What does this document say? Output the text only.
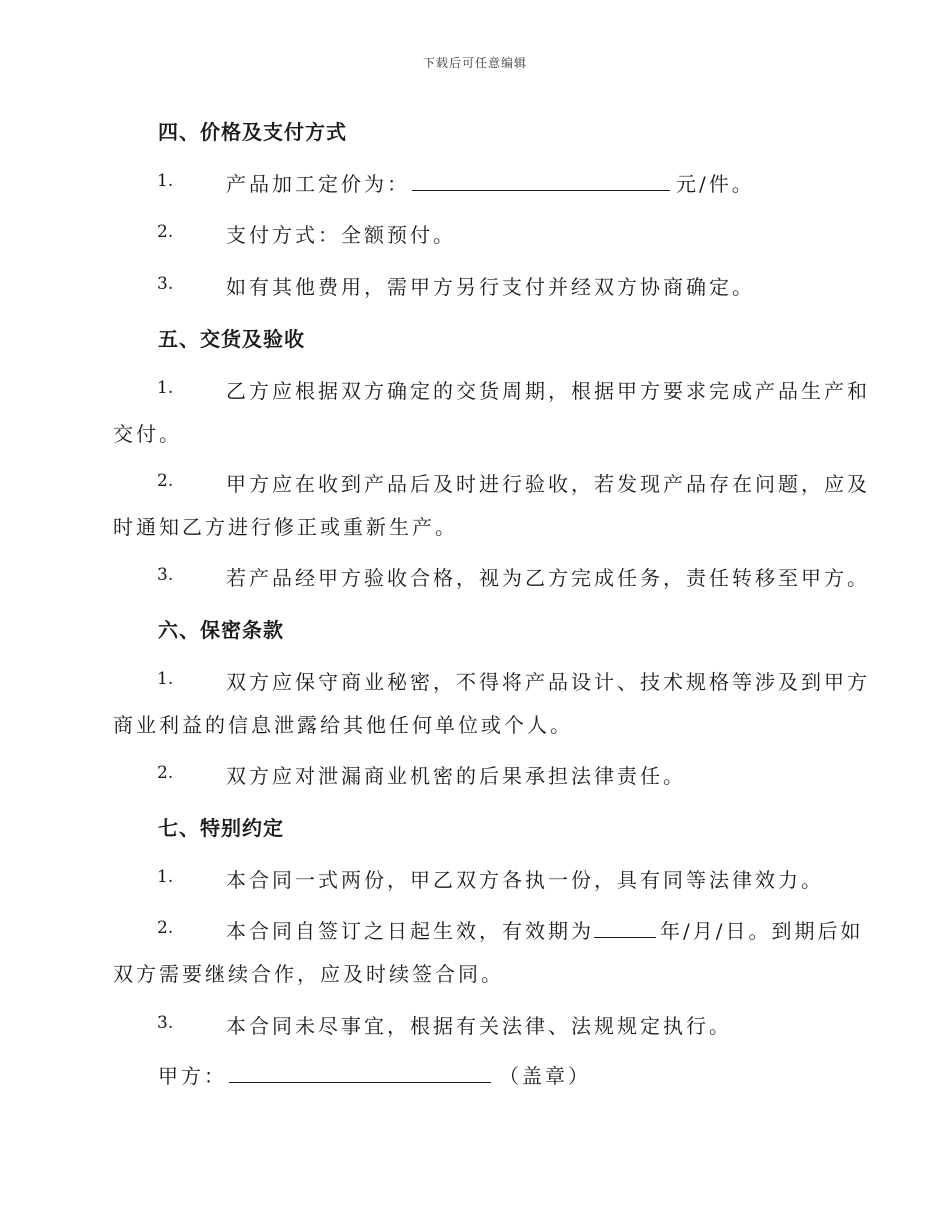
下载后可任意编辑
四、价格及支付方式
1.	产品加工定价为：	元/件。
2.	支付方式：全额预付。
3.	如有其他费用，需甲方另行支付并经双方协商确定。
五、交货及验收
1.	乙方应根据双方确定的交货周期，根据甲方要求完成产品生产和
交付。
2.	甲方应在收到产品后及时进行验收，若发现产品存在问题，应及
时通知乙方进行修正或重新生产。
3.	若产品经甲方验收合格，视为乙方完成任务，责任转移至甲方。
六、保密条款
1.	双方应保守商业秘密，不得将产品设计、技术规格等涉及到甲方
商业利益的信息泄露给其他任何单位或个人。
2.	双方应对泄漏商业机密的后果承担法律责任。
七、特别约定
1.	本合同一式两份，甲乙双方各执一份，具有同等法律效力。
2.	本合同自签订之日起生效，有效期为	年/月/日。到期后如
双方需要继续合作，应及时续签合同。
3.	本合同未尽事宜，根据有关法律、法规规定执行。
甲方：	（盖章）
